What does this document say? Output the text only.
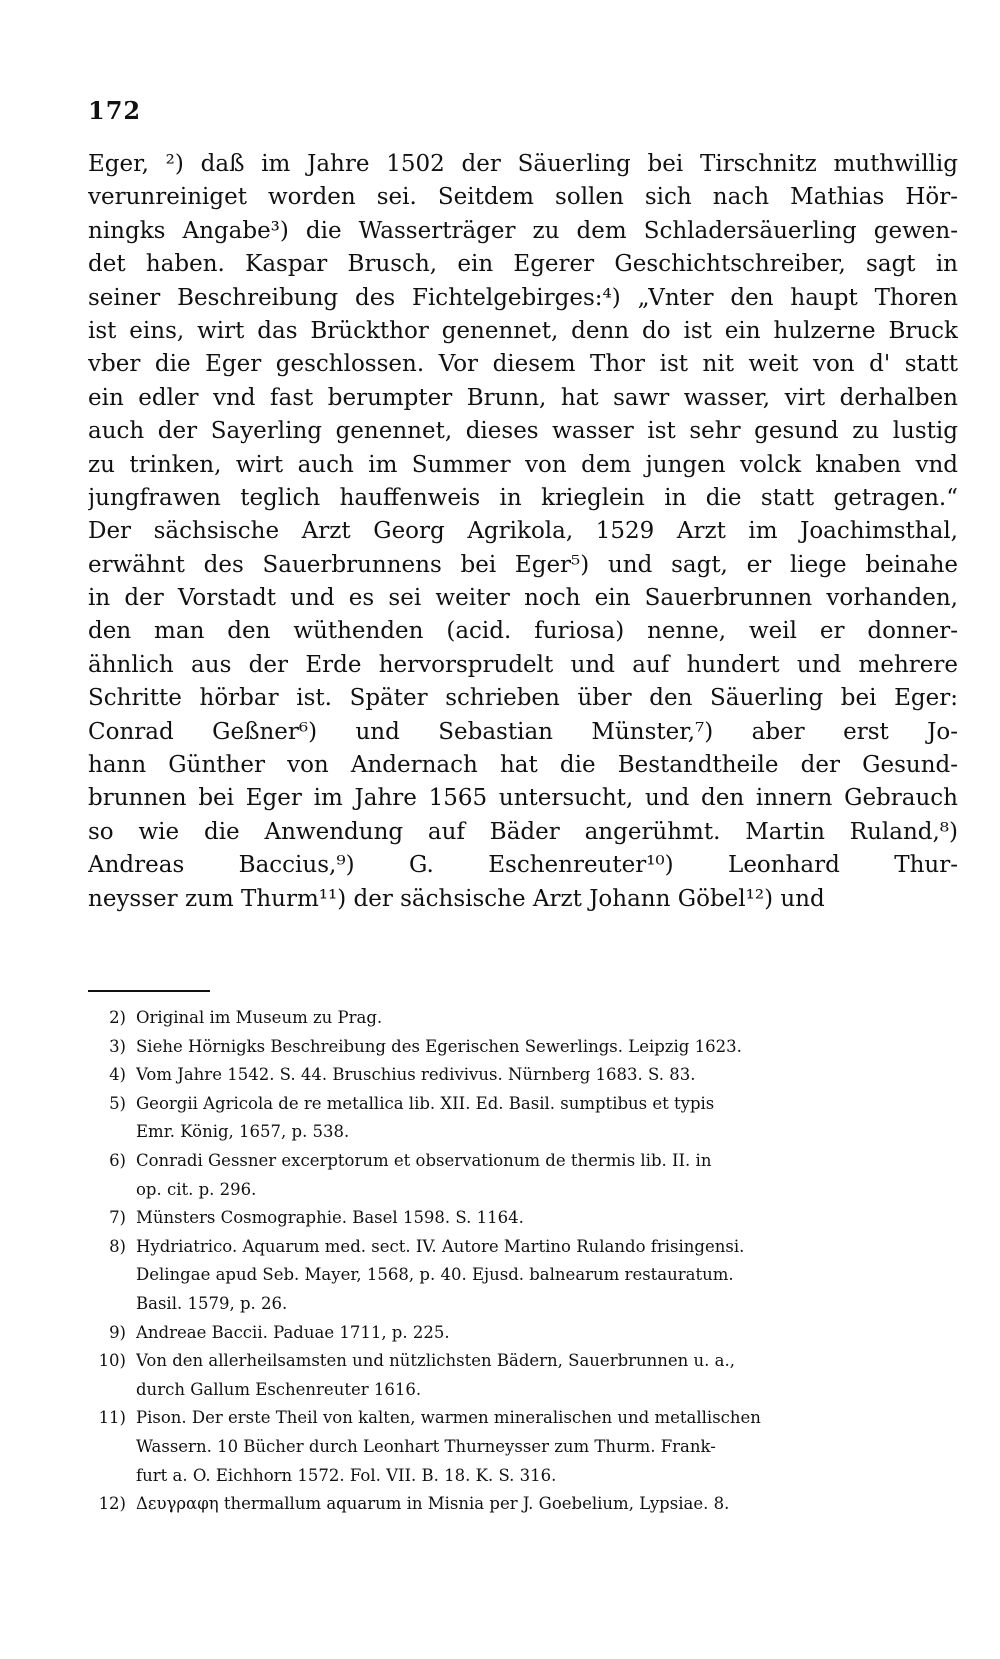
172
Eger, ²) daß im Jahre 1502 der Säuerling bei Tirschnitz muthwillig
verunreiniget worden sei. Seitdem sollen sich nach Mathias Hör-
ningks Angabe³) die Wasserträger zu dem Schladersäuerling gewen-
det haben. Kaspar Brusch, ein Egerer Geschichtschreiber, sagt in
seiner Beschreibung des Fichtelgebirges:⁴) „Vnter den haupt Thoren
ist eins, wirt das Brückthor genennet, denn do ist ein hulzerne Bruck
vber die Eger geschlossen. Vor diesem Thor ist nit weit von d' statt
ein edler vnd fast berumpter Brunn, hat sawr wasser, virt derhalben
auch der Sayerling genennet, dieses wasser ist sehr gesund zu lustig
zu trinken, wirt auch im Summer von dem jungen volck knaben vnd
jungfrawen teglich hauffenweis in krieglein in die statt getragen.“
Der sächsische Arzt Georg Agrikola, 1529 Arzt im Joachimsthal,
erwähnt des Sauerbrunnens bei Eger⁵) und sagt, er liege beinahe
in der Vorstadt und es sei weiter noch ein Sauerbrunnen vorhanden,
den man den wüthenden (acid. furiosa) nenne, weil er donner-
ähnlich aus der Erde hervorsprudelt und auf hundert und mehrere
Schritte hörbar ist. Später schrieben über den Säuerling bei Eger:
Conrad Geßner⁶) und Sebastian Münster,⁷) aber erst Jo-
hann Günther von Andernach hat die Bestandtheile der Gesund-
brunnen bei Eger im Jahre 1565 untersucht, und den innern Gebrauch
so wie die Anwendung auf Bäder angerühmt. Martin Ruland,⁸)
Andreas Baccius,⁹) G. Eschenreuter¹⁰) Leonhard Thur-
neysser zum Thurm¹¹) der sächsische Arzt Johann Göbel¹²) und
2) Original im Museum zu Prag.
3) Siehe Hörnigks Beschreibung des Egerischen Sewerlings. Leipzig 1623.
4) Vom Jahre 1542. S. 44. Bruschius redivivus. Nürnberg 1683. S. 83.
5) Georgii Agricola de re metallica lib. XII. Ed. Basil. sumptibus et typis
Emr. König, 1657, p. 538.
6) Conradi Gessner excerptorum et observationum de thermis lib. II. in
op. cit. p. 296.
7) Münsters Cosmographie. Basel 1598. S. 1164.
8) Hydriatrico. Aquarum med. sect. IV. Autore Martino Rulando frisingensi.
Delingae apud Seb. Mayer, 1568, p. 40. Ejusd. balnearum restauratum.
Basil. 1579, p. 26.
9) Andreae Baccii. Paduae 1711, p. 225.
10) Von den allerheilsamsten und nützlichsten Bädern, Sauerbrunnen u. a.,
durch Gallum Eschenreuter 1616.
11) Pison. Der erste Theil von kalten, warmen mineralischen und metallischen
Wassern. 10 Bücher durch Leonhart Thurneysser zum Thurm. Frank-
furt a. O. Eichhorn 1572. Fol. VII. B. 18. K. S. 316.
12) Δευγραφη thermallum aquarum in Misnia per J. Goebelium, Lypsiae. 8.
